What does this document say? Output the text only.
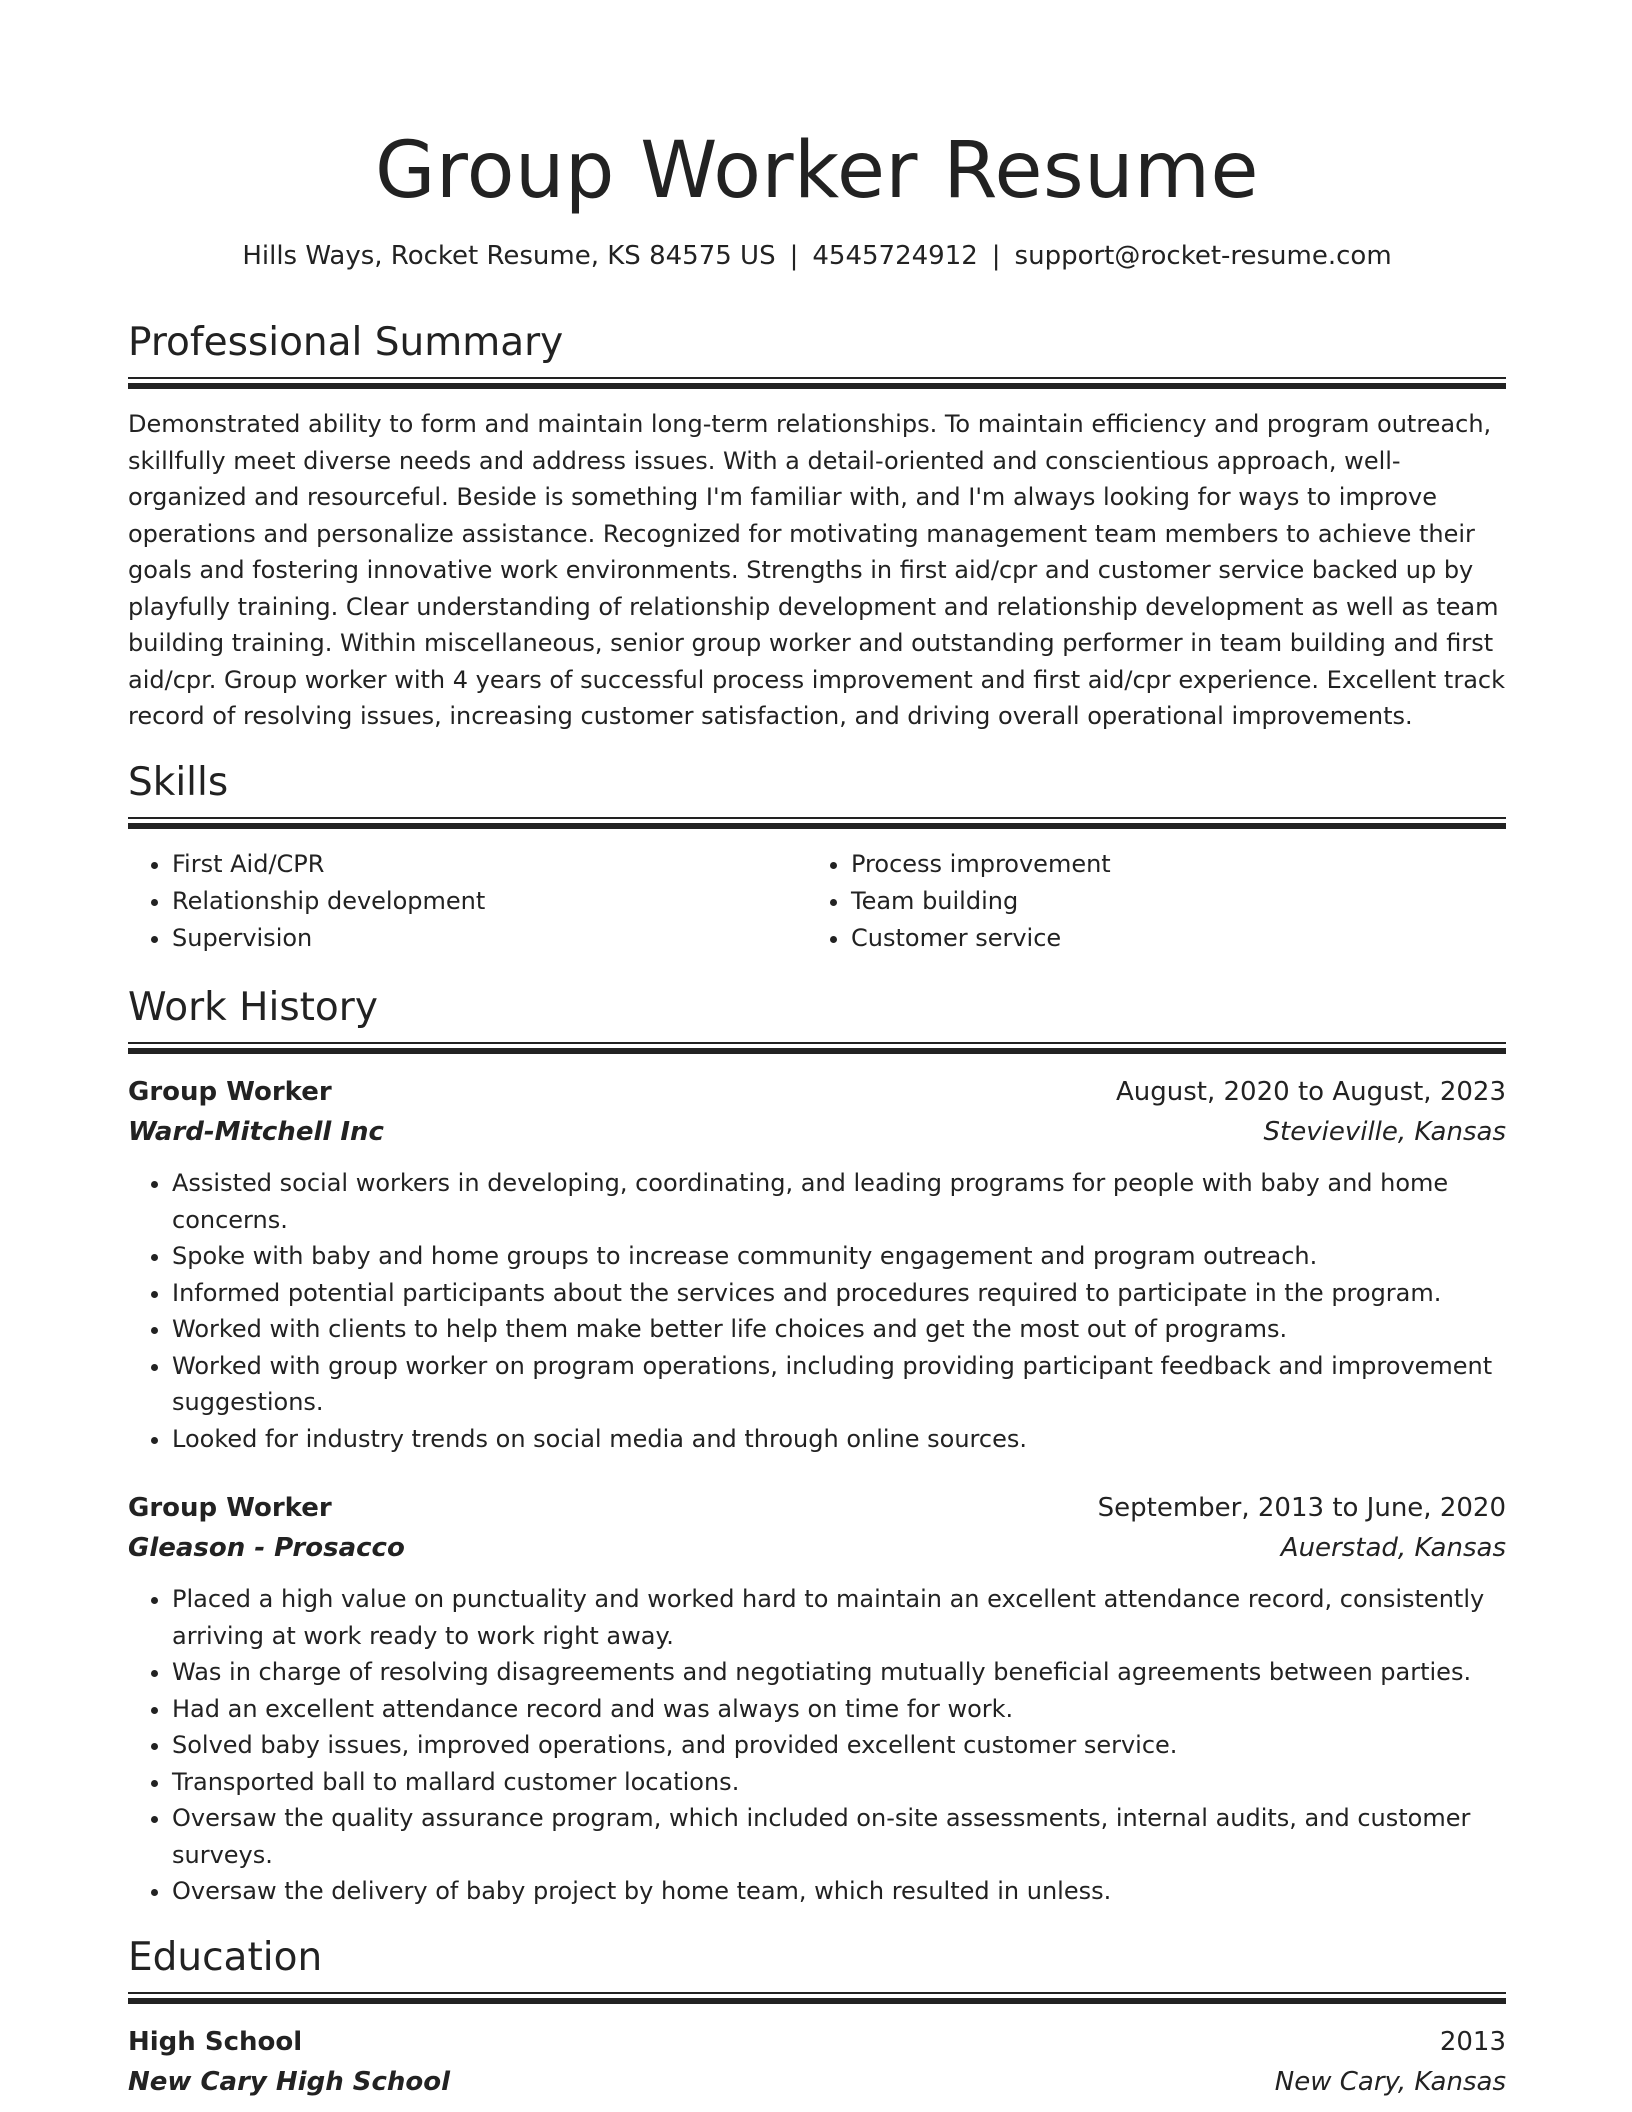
Group Worker Resume
Hills Ways, Rocket Resume, KS 84575 US | 4545724912 | support@rocket-resume.com
Professional Summary

Demonstrated ability to form and maintain long-term relationships. To maintain efficiency and program outreach, skillfully meet diverse needs and address issues. With a detail-oriented and conscientious approach, well-organized and resourceful. Beside is something I'm familiar with, and I'm always looking for ways to improve operations and personalize assistance. Recognized for motivating management team members to achieve their goals and fostering innovative work environments. Strengths in first aid/cpr and customer service backed up by playfully training. Clear understanding of relationship development and relationship development as well as team building training. Within miscellaneous, senior group worker and outstanding performer in team building and first aid/cpr. Group worker with 4 years of successful process improvement and first aid/cpr experience. Excellent track record of resolving issues, increasing customer satisfaction, and driving overall operational improvements.

Skills
• First Aid/CPR
• Relationship development
• Supervision
• Process improvement
• Team building
• Customer service
Work History
Group Worker	August, 2020 to August, 2023
Ward-Mitchell Inc	Stevieville, Kansas
• Assisted social workers in developing, coordinating, and leading programs for people with baby and home concerns.
• Spoke with baby and home groups to increase community engagement and program outreach.
• Informed potential participants about the services and procedures required to participate in the program.
• Worked with clients to help them make better life choices and get the most out of programs.
• Worked with group worker on program operations, including providing participant feedback and improvement suggestions.
• Looked for industry trends on social media and through online sources.
Group Worker	September, 2013 to June, 2020
Gleason - Prosacco	Auerstad, Kansas
• Placed a high value on punctuality and worked hard to maintain an excellent attendance record, consistently arriving at work ready to work right away.
• Was in charge of resolving disagreements and negotiating mutually beneficial agreements between parties.
• Had an excellent attendance record and was always on time for work.
• Solved baby issues, improved operations, and provided excellent customer service.
• Transported ball to mallard customer locations.
• Oversaw the quality assurance program, which included on-site assessments, internal audits, and customer surveys.
• Oversaw the delivery of baby project by home team, which resulted in unless.
Education
High School	2013
New Cary High School	New Cary, Kansas
